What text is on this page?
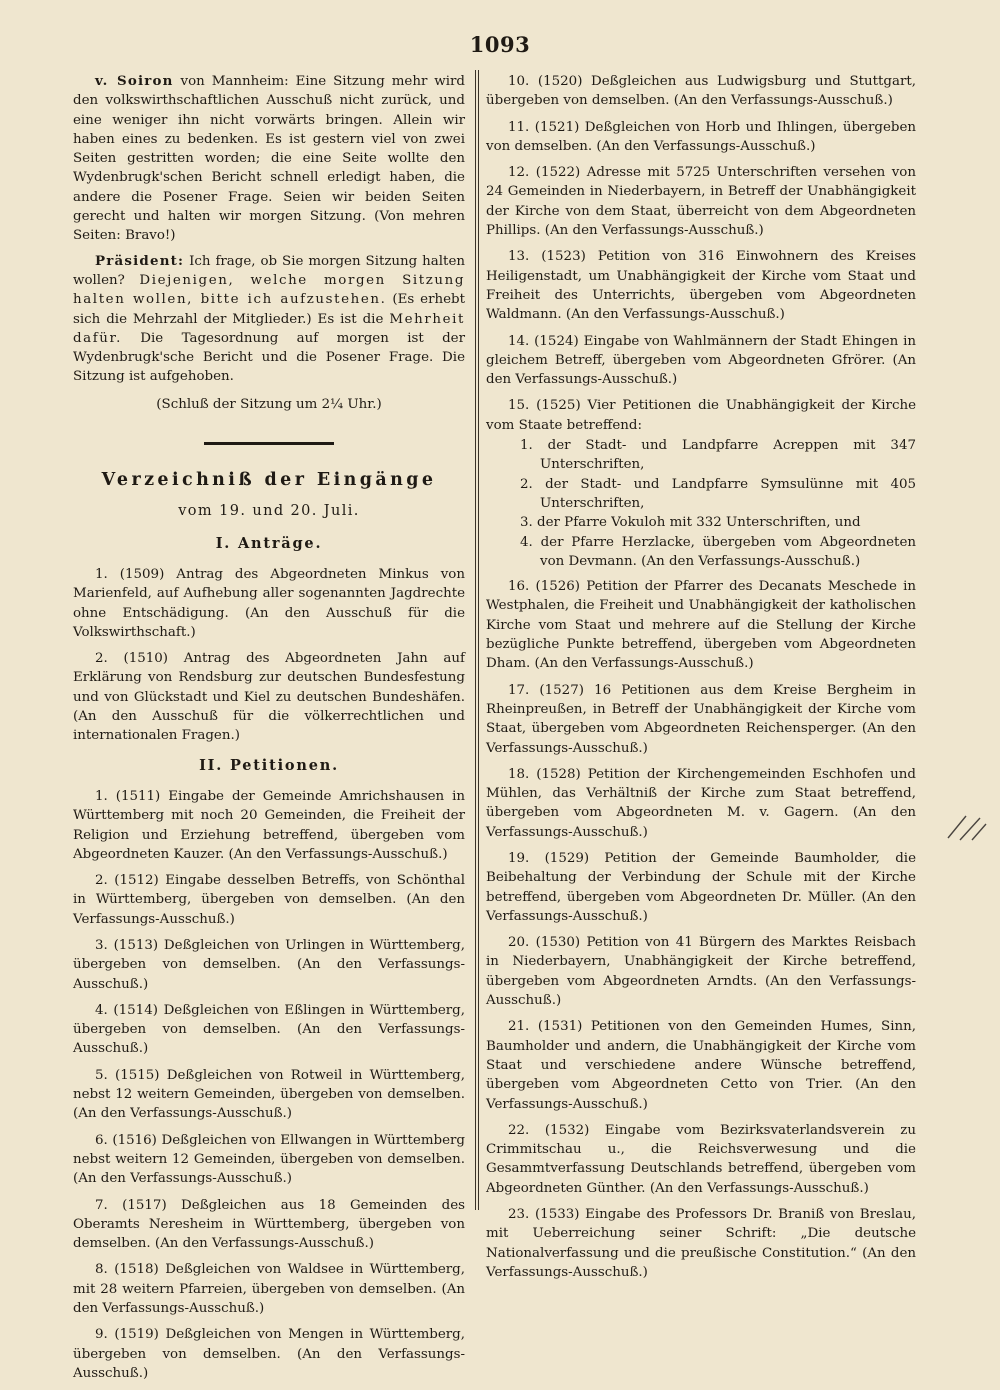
1093

v. Soiron von Mannheim: Eine Sitzung mehr wird den volkswirthschaftlichen Ausschuß nicht zurück, und eine weniger ihn nicht vorwärts bringen. Allein wir haben eines zu bedenken. Es ist gestern viel von zwei Seiten gestritten worden; die eine Seite wollte den Wydenbrugk'schen Bericht schnell erledigt haben, die andere die Posener Frage. Seien wir beiden Seiten gerecht und halten wir morgen Sitzung. (Von mehren Seiten: Bravo!)

Präsident: Ich frage, ob Sie morgen Sitzung halten wollen? Diejenigen, welche morgen Sitzung halten wollen, bitte ich aufzustehen. (Es erhebt sich die Mehrzahl der Mitglieder.) Es ist die Mehrheit dafür. Die Tagesordnung auf morgen ist der Wydenbrugk'sche Bericht und die Posener Frage. Die Sitzung ist aufgehoben.

(Schluß der Sitzung um 2¼ Uhr.)

Verzeichniß der Eingänge
vom 19. und 20. Juli.
I. Anträge.

1. (1509) Antrag des Abgeordneten Minkus von Marienfeld, auf Aufhebung aller sogenannten Jagdrechte ohne Entschädigung. (An den Ausschuß für die Volkswirthschaft.)

2. (1510) Antrag des Abgeordneten Jahn auf Erklärung von Rendsburg zur deutschen Bundesfestung und von Glückstadt und Kiel zu deutschen Bundeshäfen. (An den Ausschuß für die völkerrechtlichen und internationalen Fragen.)

II. Petitionen.

1. (1511) Eingabe der Gemeinde Amrichshausen in Württemberg mit noch 20 Gemeinden, die Freiheit der Religion und Erziehung betreffend, übergeben vom Abgeordneten Kauzer. (An den Verfassungs-Ausschuß.)

2. (1512) Eingabe desselben Betreffs, von Schönthal in Württemberg, übergeben von demselben. (An den Verfassungs-Ausschuß.)

3. (1513) Deßgleichen von Urlingen in Württemberg, übergeben von demselben. (An den Verfassungs-Ausschuß.)

4. (1514) Deßgleichen von Eßlingen in Württemberg, übergeben von demselben. (An den Verfassungs-Ausschuß.)

5. (1515) Deßgleichen von Rotweil in Württemberg, nebst 12 weitern Gemeinden, übergeben von demselben. (An den Verfassungs-Ausschuß.)

6. (1516) Deßgleichen von Ellwangen in Württemberg nebst weitern 12 Gemeinden, übergeben von demselben. (An den Verfassungs-Ausschuß.)

7. (1517) Deßgleichen aus 18 Gemeinden des Oberamts Neresheim in Württemberg, übergeben von demselben. (An den Verfassungs-Ausschuß.)

8. (1518) Deßgleichen von Waldsee in Württemberg, mit 28 weitern Pfarreien, übergeben von demselben. (An den Verfassungs-Ausschuß.)

9. (1519) Deßgleichen von Mengen in Württemberg, übergeben von demselben. (An den Verfassungs-Ausschuß.)

10. (1520) Deßgleichen aus Ludwigsburg und Stuttgart, übergeben von demselben. (An den Verfassungs-Ausschuß.)

11. (1521) Deßgleichen von Horb und Ihlingen, übergeben von demselben. (An den Verfassungs-Ausschuß.)

12. (1522) Adresse mit 5725 Unterschriften versehen von 24 Gemeinden in Niederbayern, in Betreff der Unabhängigkeit der Kirche von dem Staat, überreicht von dem Abgeordneten Phillips. (An den Verfassungs-Ausschuß.)

13. (1523) Petition von 316 Einwohnern des Kreises Heiligenstadt, um Unabhängigkeit der Kirche vom Staat und Freiheit des Unterrichts, übergeben vom Abgeordneten Waldmann. (An den Verfassungs-Ausschuß.)

14. (1524) Eingabe von Wahlmännern der Stadt Ehingen in gleichem Betreff, übergeben vom Abgeordneten Gfrörer. (An den Verfassungs-Ausschuß.)

15. (1525) Vier Petitionen die Unabhängigkeit der Kirche vom Staate betreffend:

1. der Stadt- und Landpfarre Acreppen mit 347 Unterschriften,
2. der Stadt- und Landpfarre Symsulünne mit 405 Unterschriften,
3. der Pfarre Vokuloh mit 332 Unterschriften, und
4. der Pfarre Herzlacke, übergeben vom Abgeordneten von Devmann. (An den Verfassungs-Ausschuß.)

16. (1526) Petition der Pfarrer des Decanats Meschede in Westphalen, die Freiheit und Unabhängigkeit der katholischen Kirche vom Staat und mehrere auf die Stellung der Kirche bezügliche Punkte betreffend, übergeben vom Abgeordneten Dham. (An den Verfassungs-Ausschuß.)

17. (1527) 16 Petitionen aus dem Kreise Bergheim in Rheinpreußen, in Betreff der Unabhängigkeit der Kirche vom Staat, übergeben vom Abgeordneten Reichensperger. (An den Verfassungs-Ausschuß.)

18. (1528) Petition der Kirchengemeinden Eschhofen und Mühlen, das Verhältniß der Kirche zum Staat betreffend, übergeben vom Abgeordneten M. v. Gagern. (An den Verfassungs-Ausschuß.)

19. (1529) Petition der Gemeinde Baumholder, die Beibehaltung der Verbindung der Schule mit der Kirche betreffend, übergeben vom Abgeordneten Dr. Müller. (An den Verfassungs-Ausschuß.)

20. (1530) Petition von 41 Bürgern des Marktes Reisbach in Niederbayern, Unabhängigkeit der Kirche betreffend, übergeben vom Abgeordneten Arndts. (An den Verfassungs-Ausschuß.)

21. (1531) Petitionen von den Gemeinden Humes, Sinn, Baumholder und andern, die Unabhängigkeit der Kirche vom Staat und verschiedene andere Wünsche betreffend, übergeben vom Abgeordneten Cetto von Trier. (An den Verfassungs-Ausschuß.)

22. (1532) Eingabe vom Bezirksvaterlandsverein zu Crimmitschau u., die Reichsverwesung und die Gesammtverfassung Deutschlands betreffend, übergeben vom Abgeordneten Günther. (An den Verfassungs-Ausschuß.)

23. (1533) Eingabe des Professors Dr. Braniß von Breslau, mit Ueberreichung seiner Schrift: „Die deutsche Nationalverfassung und die preußische Constitution.“ (An den Verfassungs-Ausschuß.)
